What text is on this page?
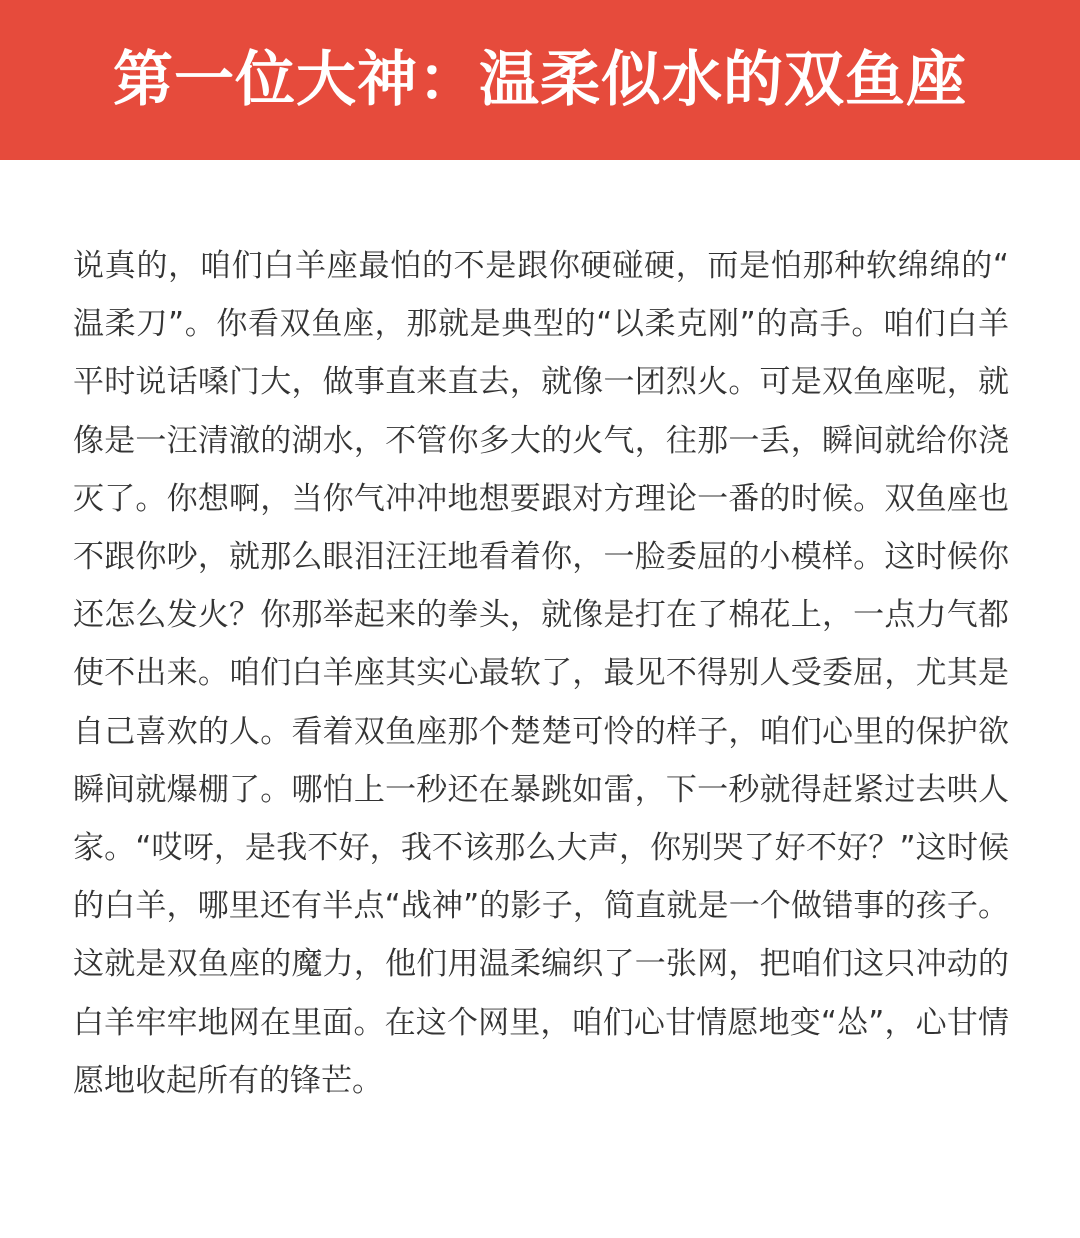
第一位大神：温柔似水的双鱼座

说真的，咱们白羊座最怕的不是跟你硬碰硬，而是怕那种软绵绵的“温柔刀”。你看双鱼座，那就是典型的“以柔克刚”的高手。咱们白羊平时说话嗓门大，做事直来直去，就像一团烈火。可是双鱼座呢，就像是一汪清澈的湖水，不管你多大的火气，往那一丢，瞬间就给你浇灭了。你想啊，当你气冲冲地想要跟对方理论一番的时候。双鱼座也不跟你吵，就那么眼泪汪汪地看着你，一脸委屈的小模样。这时候你还怎么发火？你那举起来的拳头，就像是打在了棉花上，一点力气都使不出来。咱们白羊座其实心最软了，最见不得别人受委屈，尤其是自己喜欢的人。看着双鱼座那个楚楚可怜的样子，咱们心里的保护欲瞬间就爆棚了。哪怕上一秒还在暴跳如雷，下一秒就得赶紧过去哄人家。“哎呀，是我不好，我不该那么大声，你别哭了好不好？”这时候的白羊，哪里还有半点“战神”的影子，简直就是一个做错事的孩子。这就是双鱼座的魔力，他们用温柔编织了一张网，把咱们这只冲动的白羊牢牢地网在里面。在这个网里，咱们心甘情愿地变“怂”，心甘情愿地收起所有的锋芒。
